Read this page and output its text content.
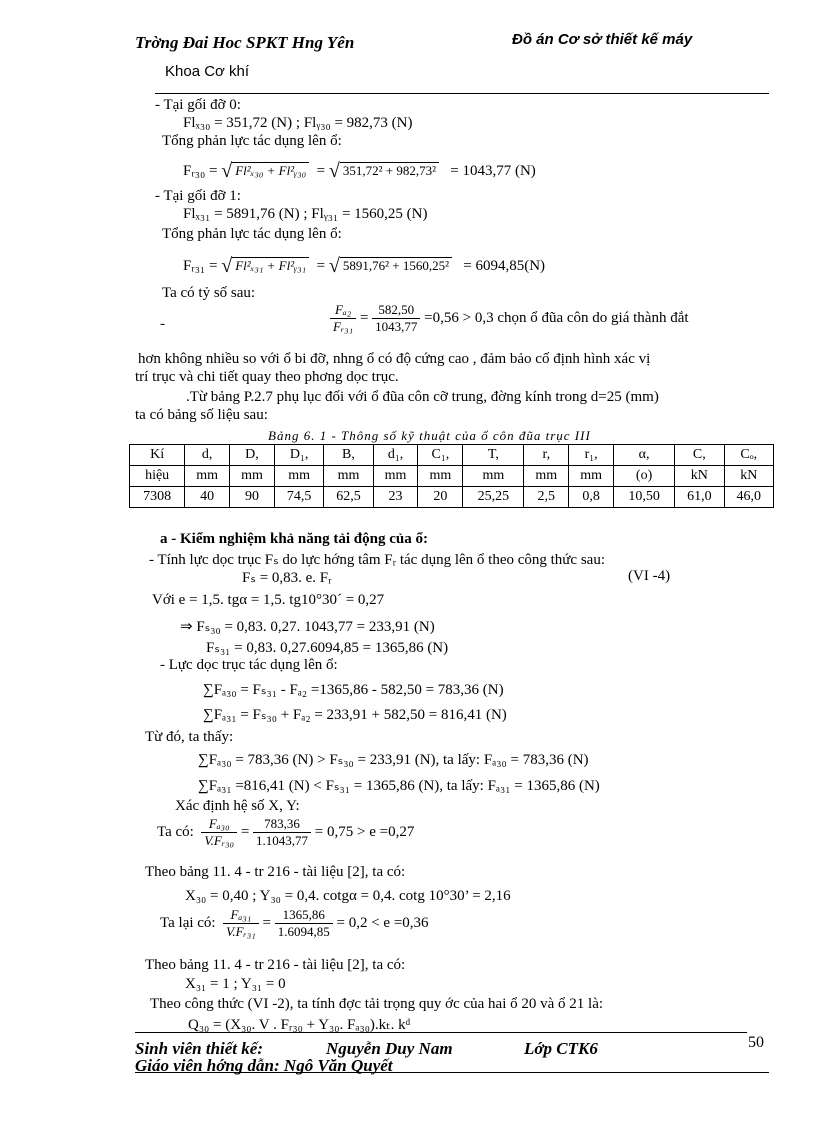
Trờng Đai Hoc SPKT Hng Yên	Đồ án Cơ sở thiết kế máy
Khoa Cơ khí
- Tại gối đỡ 0:
Flₓ₃₀ = 351,72 (N) ; Flᵧ₃₀ = 982,73 (N)
Tổng phản lực tác dụng lên ổ:
Fᵣ₃₀ = √ Fl²ₓ₃₀ + Fl²ᵧ₃₀ = √ 351,72² + 982,73² = 1043,77 (N)
- Tại gối đỡ 1:
Flₓ₃₁ = 5891,76 (N) ; Flᵧ₃₁ = 1560,25 (N)
Tổng phản lực tác dụng lên ổ:
Fᵣ₃₁ = √ Fl²ₓ₃₁ + Fl²ᵧ₃₁ = √ 5891,76² + 1560,25² = 6094,85(N)
Ta có tỷ số sau:
-	$\frac{\text{Fₐ₂}}{\text{Fᵣ₃₁}} = \frac{582,50}{1043,77} =0,56 > 0,3$ chọn ổ đũa côn do giá thành đắt
hơn không nhiều so với ổ bi đỡ, nhng ổ có độ cứng cao , đảm bảo cố định hình xác vị
trí trục và chi tiết quay theo phơng dọc trục.
.Từ bảng P.2.7 phụ lục đối với ổ đũa côn cỡ trung, đờng kính trong d=25 (mm)
ta có bảng số liệu sau:
Bảng 6. 1 - Thông số kỹ thuật của ổ côn đũa trục III
Kí	d,	D,	D₁,	B,	d₁,	C₁,	T,	r,	r₁,	α,	C,	Cₒ,
hiệu	mm	mm	mm	mm	mm	mm	mm	mm	mm	(o)	kN	kN
7308	40	90	74,5	62,5	23	20	25,25	2,5	0,8	10,50	61,0	46,0
a - Kiểm nghiệm khả năng tải động của ổ:
- Tính lực dọc trục Fₛ do lực hớng tâm Fᵣ tác dụng lên ổ theo công thức sau:
Fₛ = 0,83. e. Fᵣ	(VI -4)
Với e = 1,5. tgα = 1,5. tg10°30´ = 0,27
⇒ Fₛ₃₀ = 0,83. 0,27. 1043,77 = 233,91 (N)
Fₛ₃₁ = 0,83. 0,27.6094,85 = 1365,86 (N)
- Lực dọc trục tác dụng lên ổ:
∑Fₐ₃₀ = Fₛ₃₁ - Fₐ₂ =1365,86 - 582,50 = 783,36 (N)
∑Fₐ₃₁ = Fₛ₃₀ + Fₐ₂ = 233,91 + 582,50 = 816,41 (N)
Từ đó, ta thấy:
∑Fₐ₃₀ = 783,36 (N) > Fₛ₃₀ = 233,91 (N), ta lấy: Fₐ₃₀ = 783,36 (N)
∑Fₐ₃₁ =816,41 (N) < Fₛ₃₁ = 1365,86 (N), ta lấy: Fₐ₃₁ = 1365,86 (N)
Xác định hệ số X, Y:
Ta có: $\frac{\text{Fₐ₃₀}}{\text{V.Fᵣ₃₀}} = \frac{783,36}{1.1043,77} = 0,75 > e =0,27$
Theo bảng 11. 4 - tr 216 - tài liệu [2], ta có:
X₃₀ = 0,40 ; Y₃₀ = 0,4. cotgα = 0,4. cotg 10°30’ = 2,16
Ta lại có: $\frac{\text{Fₐ₃₁}}{\text{V.Fᵣ₃₁}} = \frac{1365,86}{1.6094,85} = 0,2 < e =0,36$
Theo bảng 11. 4 - tr 216 - tài liệu [2], ta có:
X₃₁ = 1 ; Y₃₁ = 0
Theo công thức (VI -2), ta tính đợc tải trọng quy ớc của hai ổ 20 và ổ 21 là:
Q₃₀ = (X₃₀. V . Fᵣ₃₀ + Y₃₀. Fₐ₃₀).kₜ. kᵈ
Sinh viên thiết kế:	Nguyễn Duy Nam	Lớp CTK6
Giáo viên hớng dẫn: Ngô Văn Quyết
50
